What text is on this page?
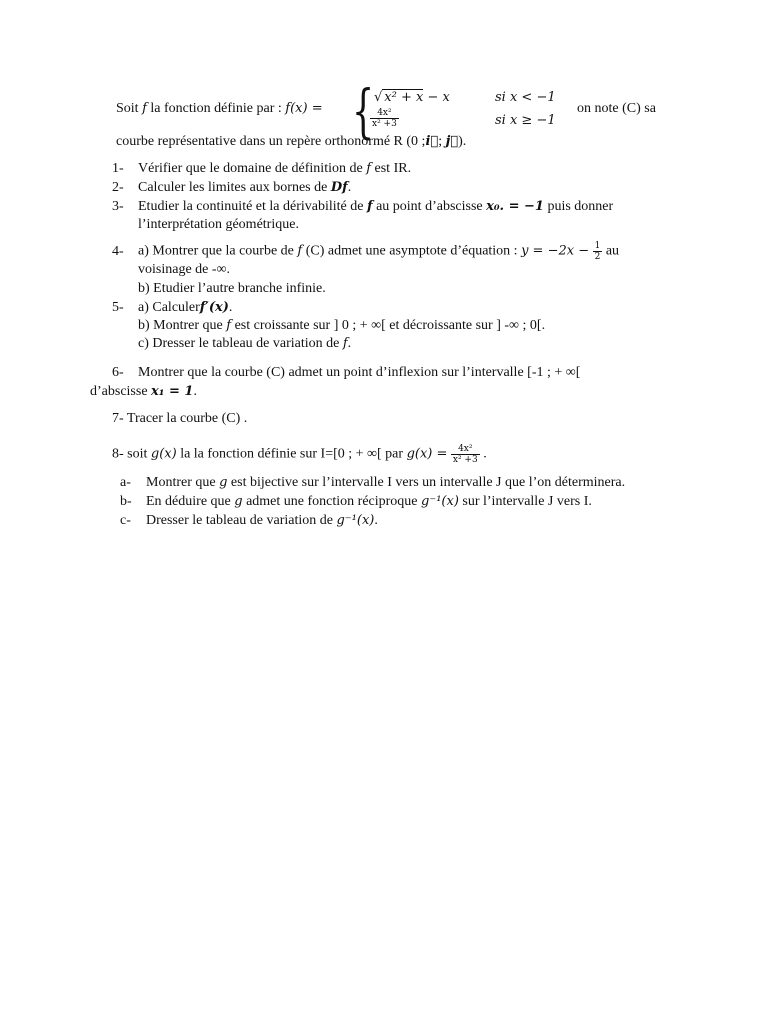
Soit f la fonction définie par : f(x) = { √ x² + x − x	si x < −1
$\frac{\text{4x²}}{\text{x² +3}}$	si x ≥ −1
on note (C) sa
courbe représentative dans un repère orthonormé R (0 ;i⃗; j⃗).
1- Vérifier que le domaine de définition de f est IR.
2- Calculer les limites aux bornes de Df.
3- Etudier la continuité et la dérivabilité de f au point d’abscisse x₀. = −1 puis donner
l’interprétation géométrique.
4- a) Montrer que la courbe de f (C) admet une asymptote d’équation : $y = -2x - \frac{1}{2}$ au
voisinage de -∞.
b) Etudier l’autre branche infinie.
5- a) Calculerf′(x).
b) Montrer que f est croissante sur ] 0 ; + ∞[ et décroissante sur ] -∞ ; 0[.
c) Dresser le tableau de variation de f.
6- Montrer que la courbe (C) admet un point d’inflexion sur l’intervalle [-1 ; + ∞[
d’abscisse x₁ = 1.
7- Tracer la courbe (C) .
8- soit g(x) la la fonction définie sur I=[0 ; + ∞[ par $g(x) = \frac{\text{4x²}}{\text{x² +3}}$ .
a- Montrer que g est bijective sur l’intervalle I vers un intervalle J que l’on déterminera.
b- En déduire que g admet une fonction réciproque g⁻¹(x) sur l’intervalle J vers I.
c- Dresser le tableau de variation de g⁻¹(x).
